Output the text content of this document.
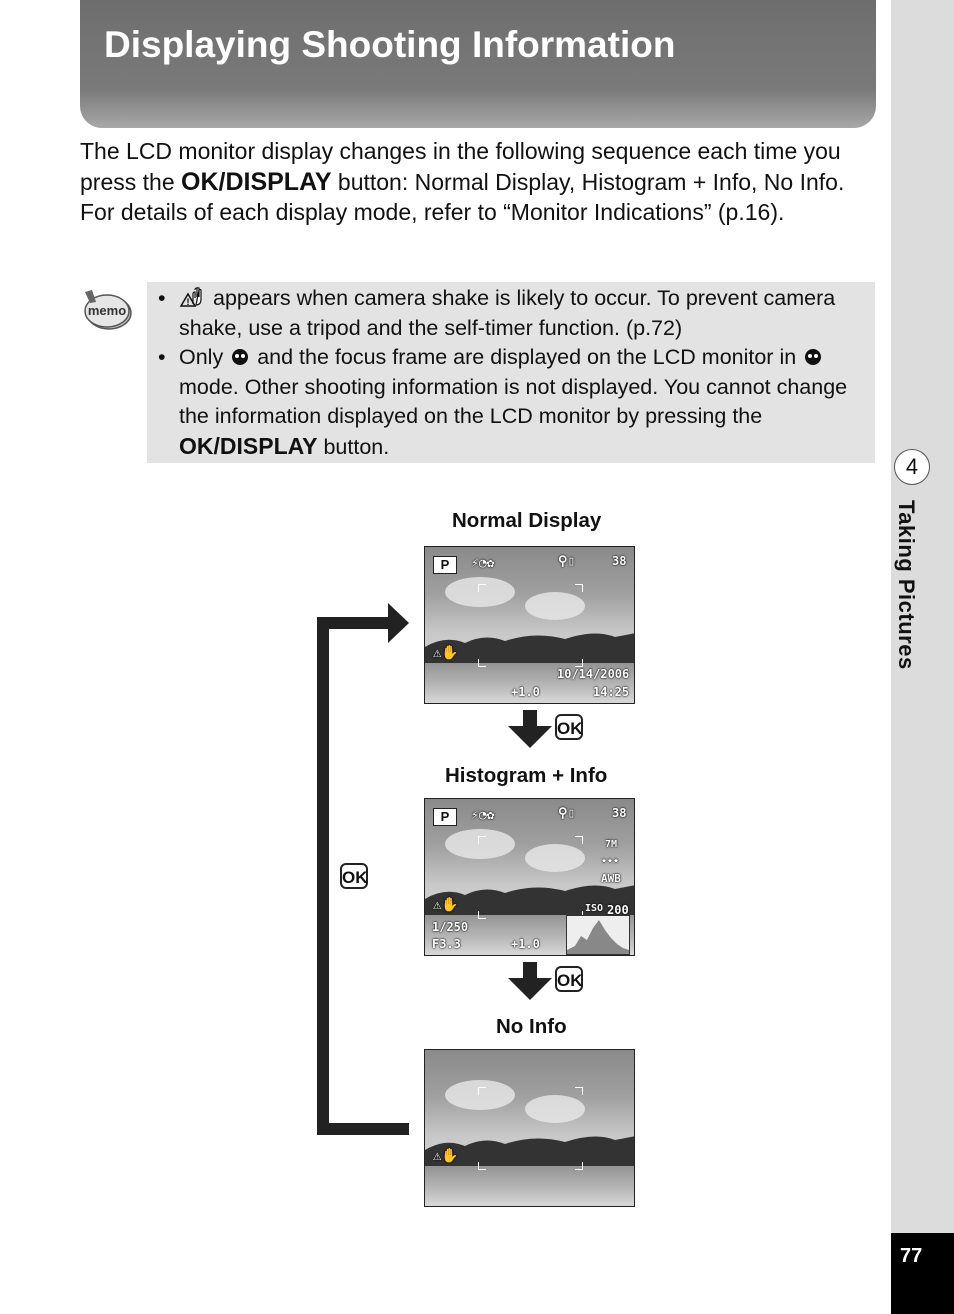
Displaying Shooting Information
4
Taking Pictures
77

The LCD monitor display changes in the following sequence each time you press the OK/DISPLAY button: Normal Display, Histogram + Info, No Info.

For details of each display mode, refer to “Monitor Indications” (p.16).

memo
• ! appears when camera shake is likely to occur. To prevent camera shake, use a tripod and the self-timer function. (p.72)
• Only and the focus frame are displayed on the LCD monitor in  mode. Other shooting information is not displayed. You cannot change the information displayed on the LCD monitor by pressing the OK/DISPLAY button.
Normal Display
Histogram + Info
No Info
OK
OK
OK
P	⚡◔✿	⚲▯	38
⚠✋
10/14/2006
+1.0	14:25
P	⚡◔✿	⚲▯	38
7M
★★★
AWB
⚠✋	ISO 200
1/250
F3.3	+1.0
⚠✋
